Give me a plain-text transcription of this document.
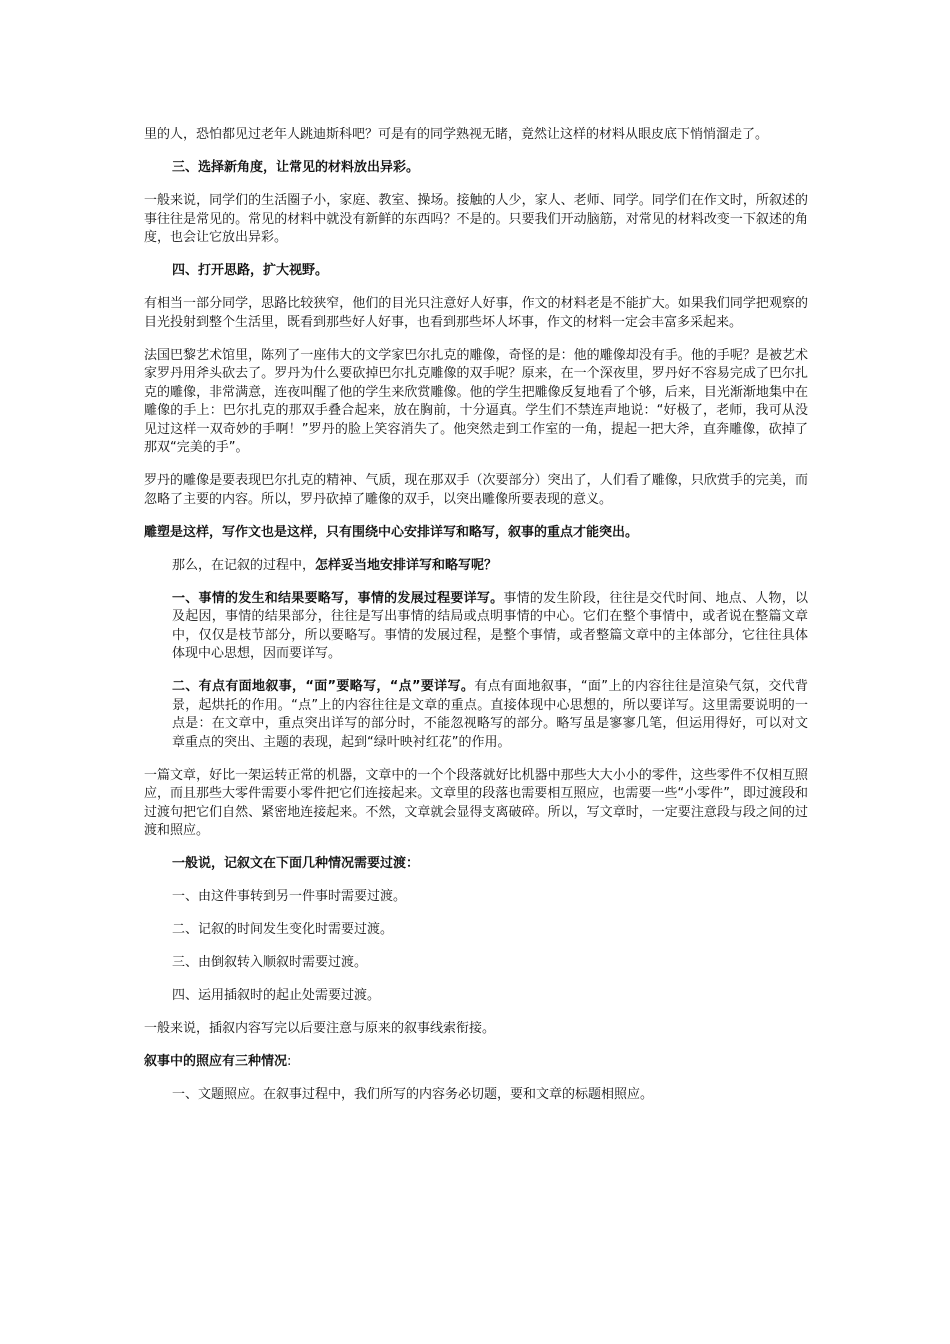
里的人，恐怕都见过老年人跳迪斯科吧？可是有的同学熟视无睹，竟然让这样的材料从眼皮底下悄悄溜走了。

三、选择新角度，让常见的材料放出异彩。

一般来说，同学们的生活圈子小，家庭、教室、操场。接触的人少，家人、老师、同学。同学们在作文时，所叙述的事往往是常见的。常见的材料中就没有新鲜的东西吗？不是的。只要我们开动脑筋，对常见的材料改变一下叙述的角度，也会让它放出异彩。

四、打开思路，扩大视野。

有相当一部分同学，思路比较狭窄，他们的目光只注意好人好事，作文的材料老是不能扩大。如果我们同学把观察的目光投射到整个生活里，既看到那些好人好事，也看到那些坏人坏事，作文的材料一定会丰富多采起来。

法国巴黎艺术馆里，陈列了一座伟大的文学家巴尔扎克的雕像，奇怪的是：他的雕像却没有手。他的手呢？是被艺术家罗丹用斧头砍去了。罗丹为什么要砍掉巴尔扎克雕像的双手呢？原来，在一个深夜里，罗丹好不容易完成了巴尔扎克的雕像，非常满意，连夜叫醒了他的学生来欣赏雕像。他的学生把雕像反复地看了个够，后来，目光渐渐地集中在雕像的手上：巴尔扎克的那双手叠合起来，放在胸前，十分逼真。学生们不禁连声地说：“好极了，老师，我可从没见过这样一双奇妙的手啊！”罗丹的脸上笑容消失了。他突然走到工作室的一角，提起一把大斧，直奔雕像，砍掉了那双“完美的手”。

罗丹的雕像是要表现巴尔扎克的精神、气质，现在那双手（次要部分）突出了，人们看了雕像，只欣赏手的完美，而忽略了主要的内容。所以，罗丹砍掉了雕像的双手，以突出雕像所要表现的意义。

雕塑是这样，写作文也是这样，只有围绕中心安排详写和略写，叙事的重点才能突出。

那么，在记叙的过程中，怎样妥当地安排详写和略写呢？

一、事情的发生和结果要略写，事情的发展过程要详写。事情的发生阶段，往往是交代时间、地点、人物，以及起因，事情的结果部分，往往是写出事情的结局或点明事情的中心。它们在整个事情中，或者说在整篇文章中，仅仅是枝节部分，所以要略写。事情的发展过程，是整个事情，或者整篇文章中的主体部分，它往往具体体现中心思想，因而要详写。

二、有点有面地叙事，“面”要略写，“点”要详写。有点有面地叙事，“面”上的内容往往是渲染气氛，交代背景，起烘托的作用。“点”上的内容往往是文章的重点。直接体现中心思想的，所以要详写。这里需要说明的一点是：在文章中，重点突出详写的部分时，不能忽视略写的部分。略写虽是寥寥几笔，但运用得好，可以对文章重点的突出、主题的表现，起到“绿叶映衬红花”的作用。

一篇文章，好比一架运转正常的机器，文章中的一个个段落就好比机器中那些大大小小的零件，这些零件不仅相互照应，而且那些大零件需要小零件把它们连接起来。文章里的段落也需要相互照应，也需要一些“小零件”，即过渡段和过渡句把它们自然、紧密地连接起来。不然，文章就会显得支离破碎。所以，写文章时，一定要注意段与段之间的过渡和照应。

一般说，记叙文在下面几种情况需要过渡：

一、由这件事转到另一件事时需要过渡。

二、记叙的时间发生变化时需要过渡。

三、由倒叙转入顺叙时需要过渡。

四、运用插叙时的起止处需要过渡。

一般来说，插叙内容写完以后要注意与原来的叙事线索衔接。

叙事中的照应有三种情况:

一、文题照应。在叙事过程中，我们所写的内容务必切题，要和文章的标题相照应。
